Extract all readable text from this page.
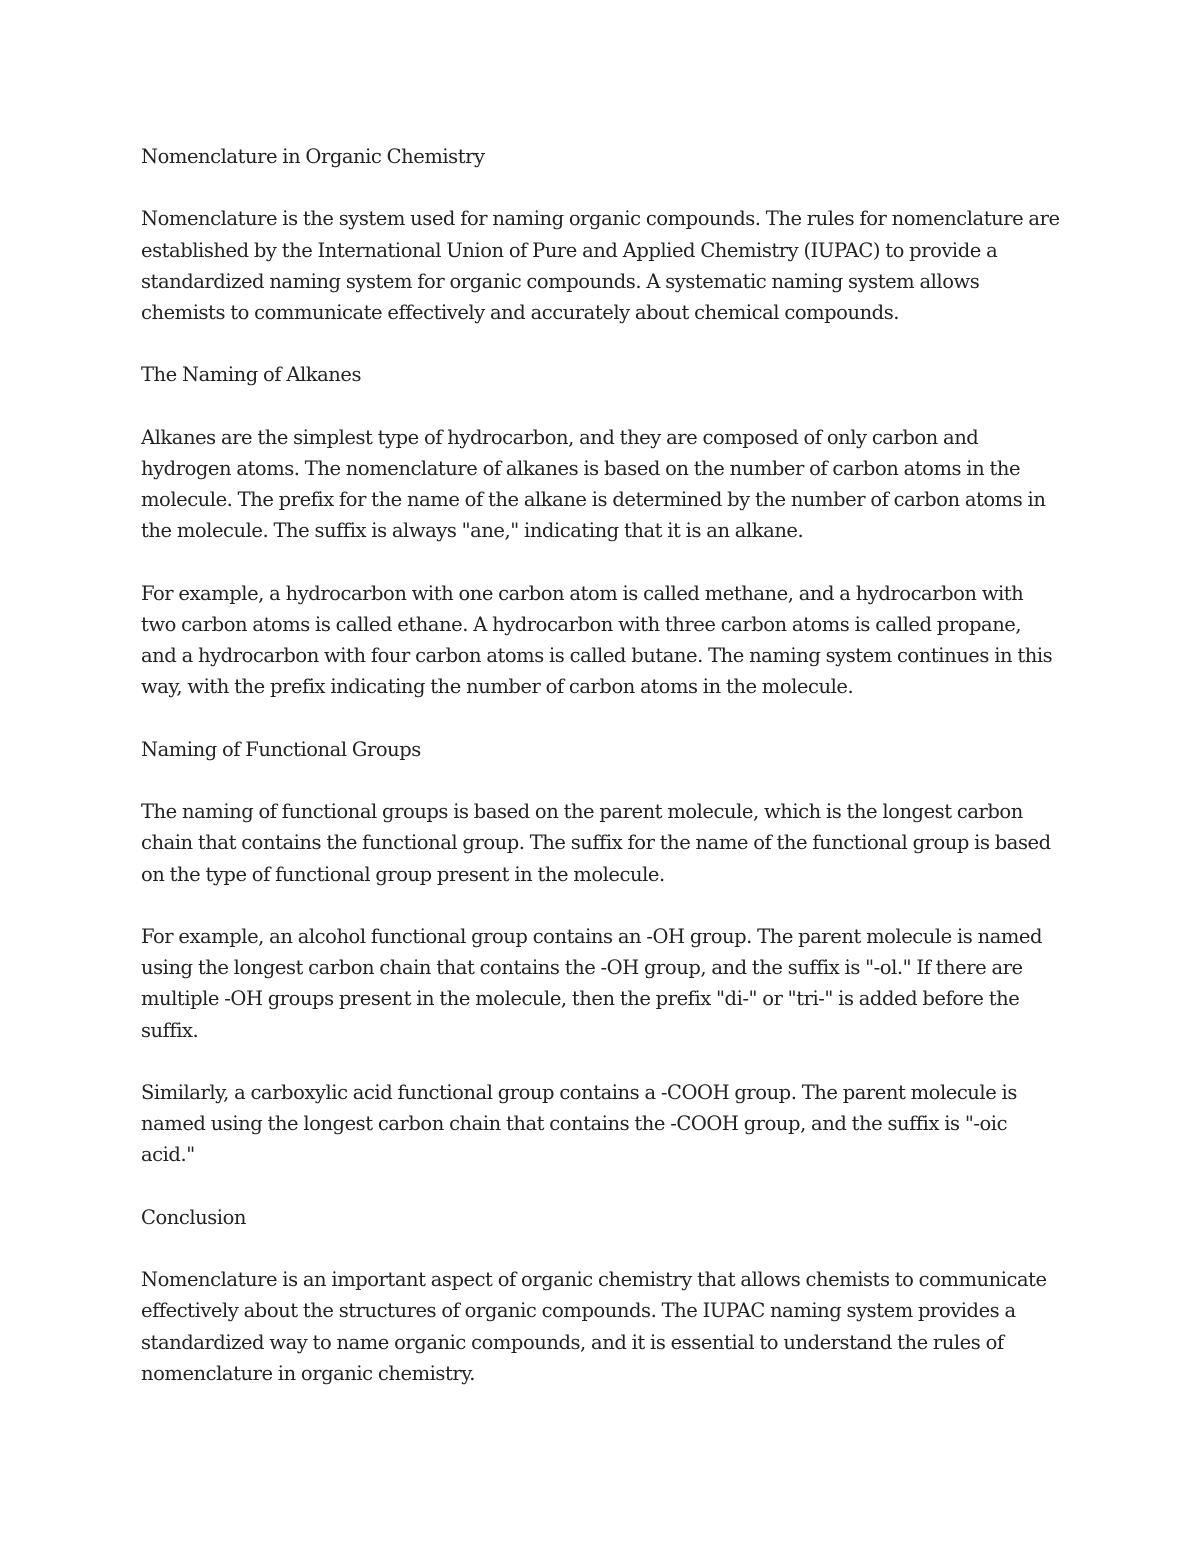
Nomenclature in Organic Chemistry

Nomenclature is the system used for naming organic compounds. The rules for nomenclature are established by the International Union of Pure and Applied Chemistry (IUPAC) to provide a standardized naming system for organic compounds. A systematic naming system allows chemists to communicate effectively and accurately about chemical compounds.

The Naming of Alkanes

Alkanes are the simplest type of hydrocarbon, and they are composed of only carbon and hydrogen atoms. The nomenclature of alkanes is based on the number of carbon atoms in the molecule. The prefix for the name of the alkane is determined by the number of carbon atoms in the molecule. The suffix is always "ane," indicating that it is an alkane.

For example, a hydrocarbon with one carbon atom is called methane, and a hydrocarbon with two carbon atoms is called ethane. A hydrocarbon with three carbon atoms is called propane, and a hydrocarbon with four carbon atoms is called butane. The naming system continues in this way, with the prefix indicating the number of carbon atoms in the molecule.

Naming of Functional Groups

The naming of functional groups is based on the parent molecule, which is the longest carbon chain that contains the functional group. The suffix for the name of the functional group is based on the type of functional group present in the molecule.

For example, an alcohol functional group contains an -OH group. The parent molecule is named using the longest carbon chain that contains the -OH group, and the suffix is "-ol." If there are multiple -OH groups present in the molecule, then the prefix "di-" or "tri-" is added before the suffix.

Similarly, a carboxylic acid functional group contains a -COOH group. The parent molecule is named using the longest carbon chain that contains the -COOH group, and the suffix is "-oic acid."

Conclusion

Nomenclature is an important aspect of organic chemistry that allows chemists to communicate effectively about the structures of organic compounds. The IUPAC naming system provides a standardized way to name organic compounds, and it is essential to understand the rules of nomenclature in organic chemistry.
